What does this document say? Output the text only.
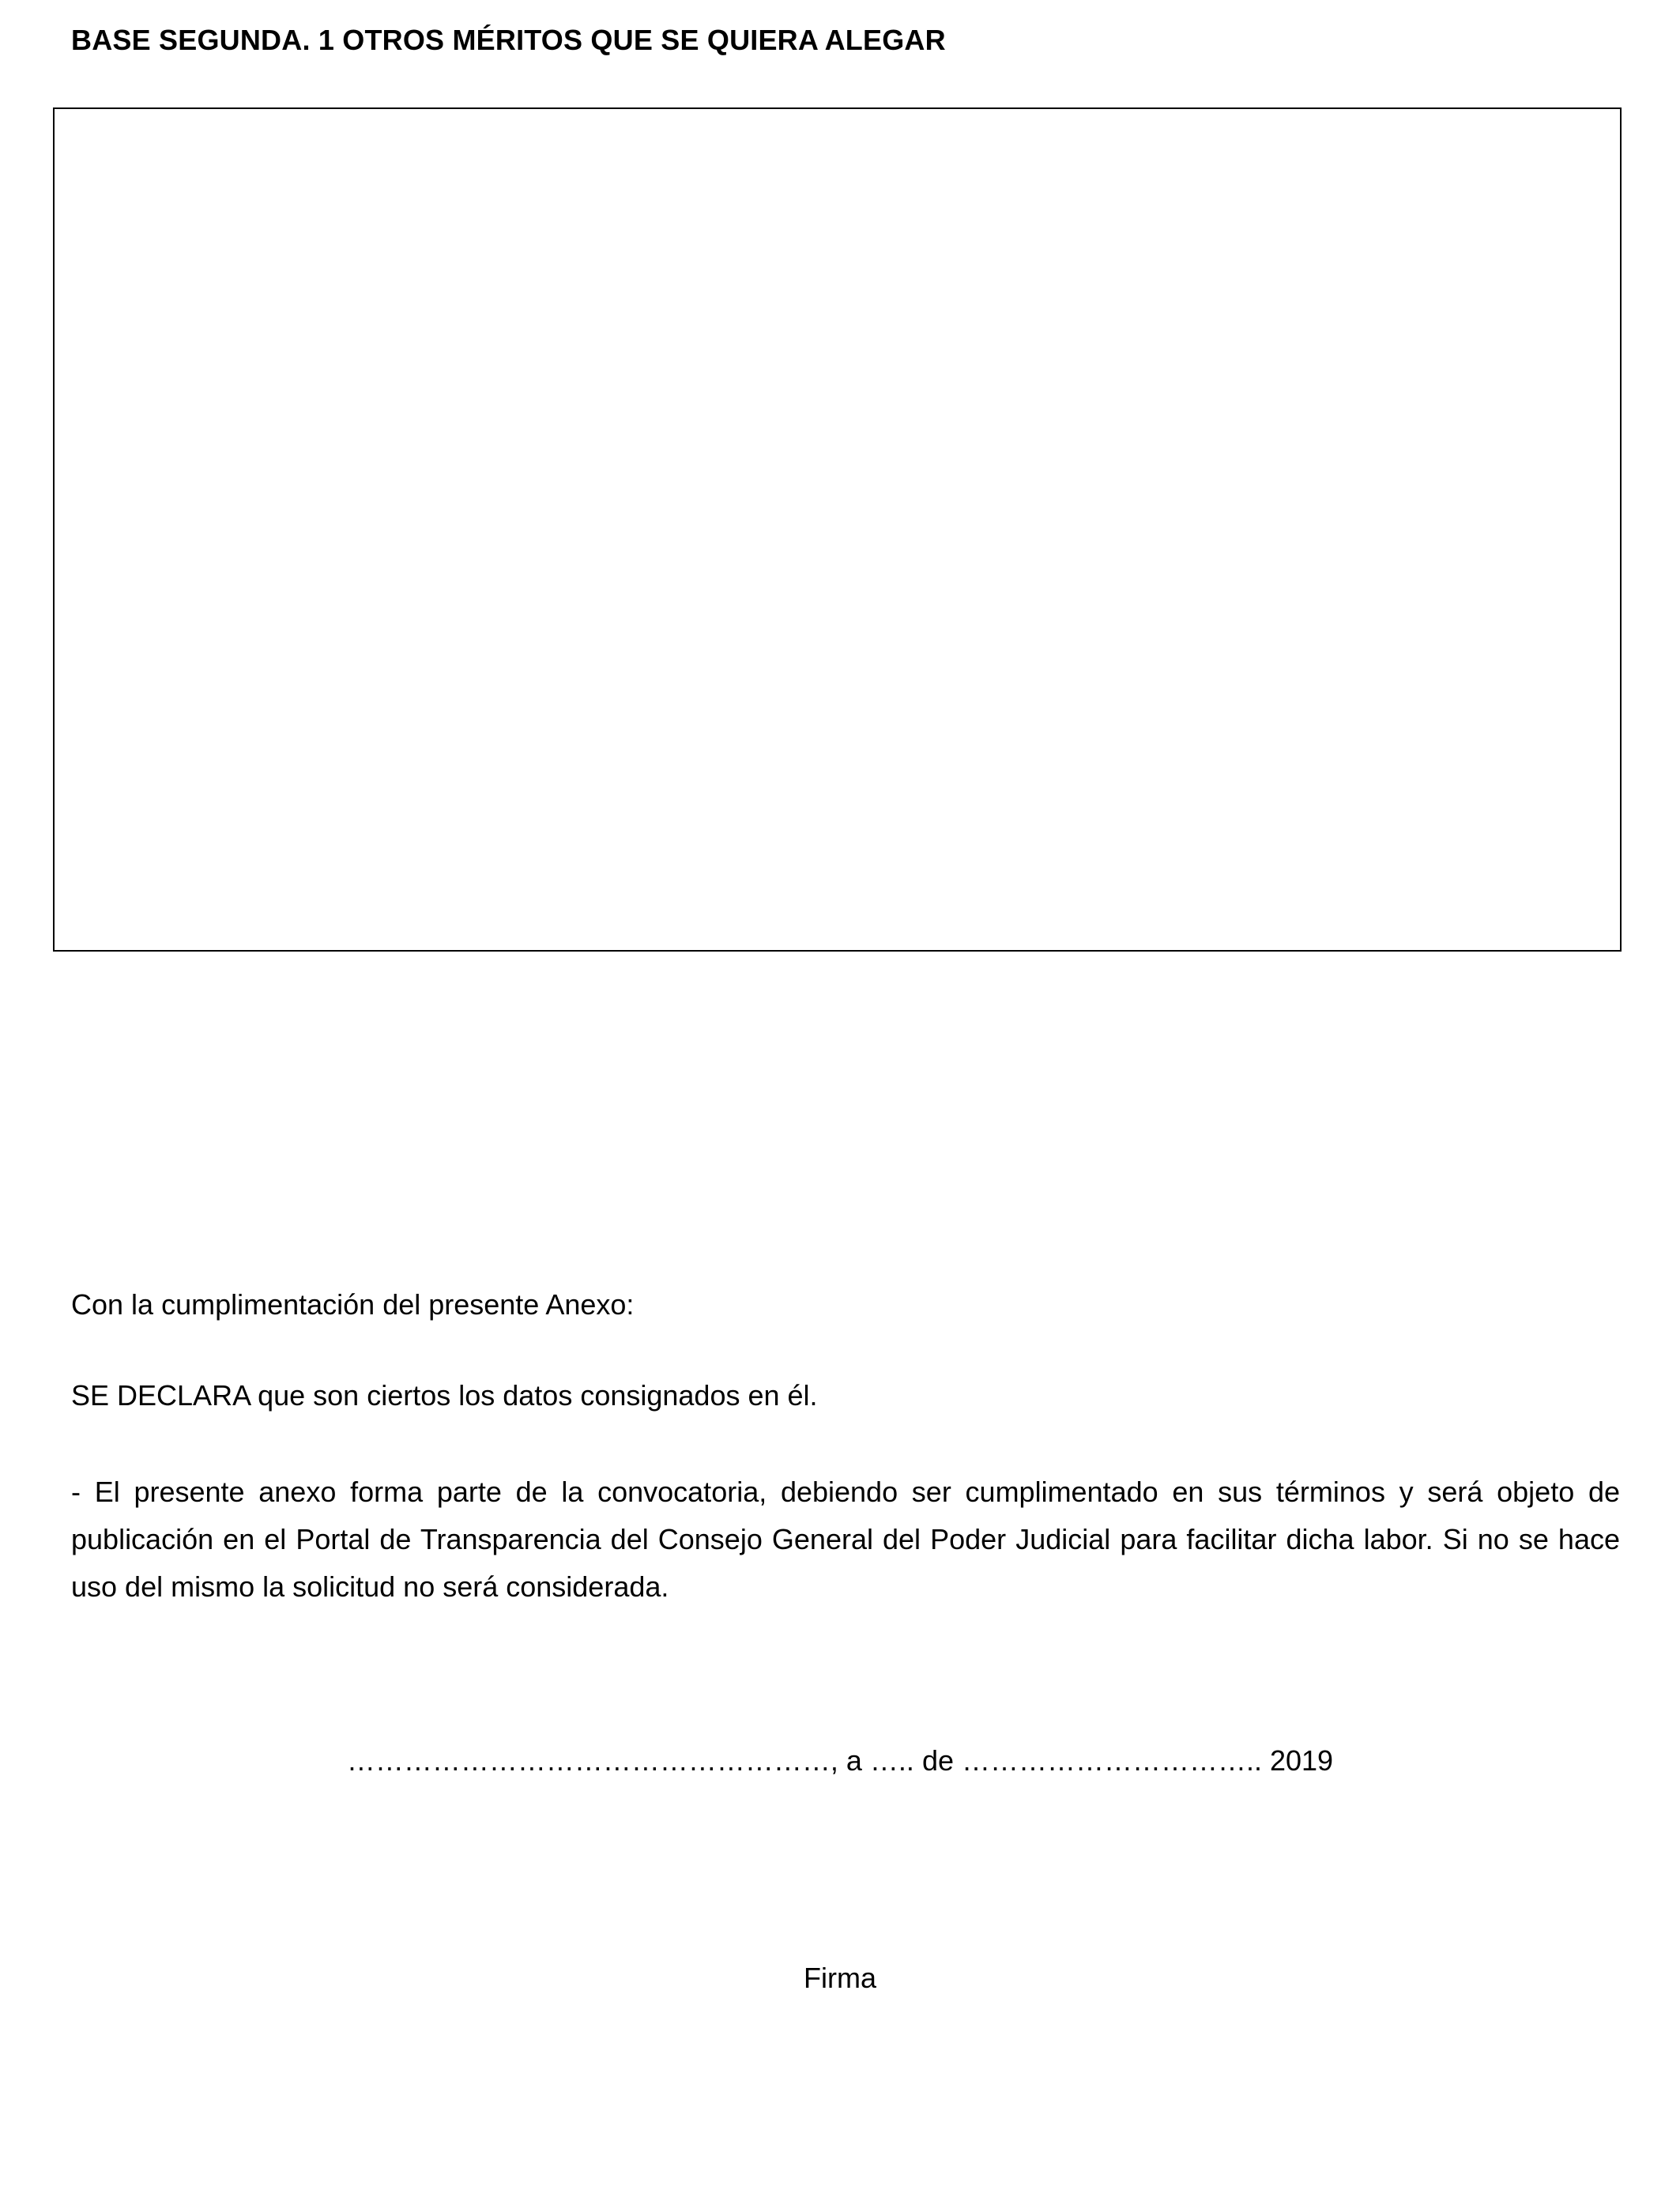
BASE SEGUNDA. 1 OTROS MÉRITOS QUE SE QUIERA ALEGAR
Con la cumplimentación del presente Anexo:
SE DECLARA que son ciertos los datos consignados en él.
- El presente anexo forma parte de la convocatoria, debiendo ser cumplimentado en sus términos y será objeto de publicación en el Portal de Transparencia del Consejo General del Poder Judicial para facilitar dicha labor. Si no se hace uso del mismo la solicitud no será considerada.
……………………………………………, a ….. de ………………………….. 2019
Firma
